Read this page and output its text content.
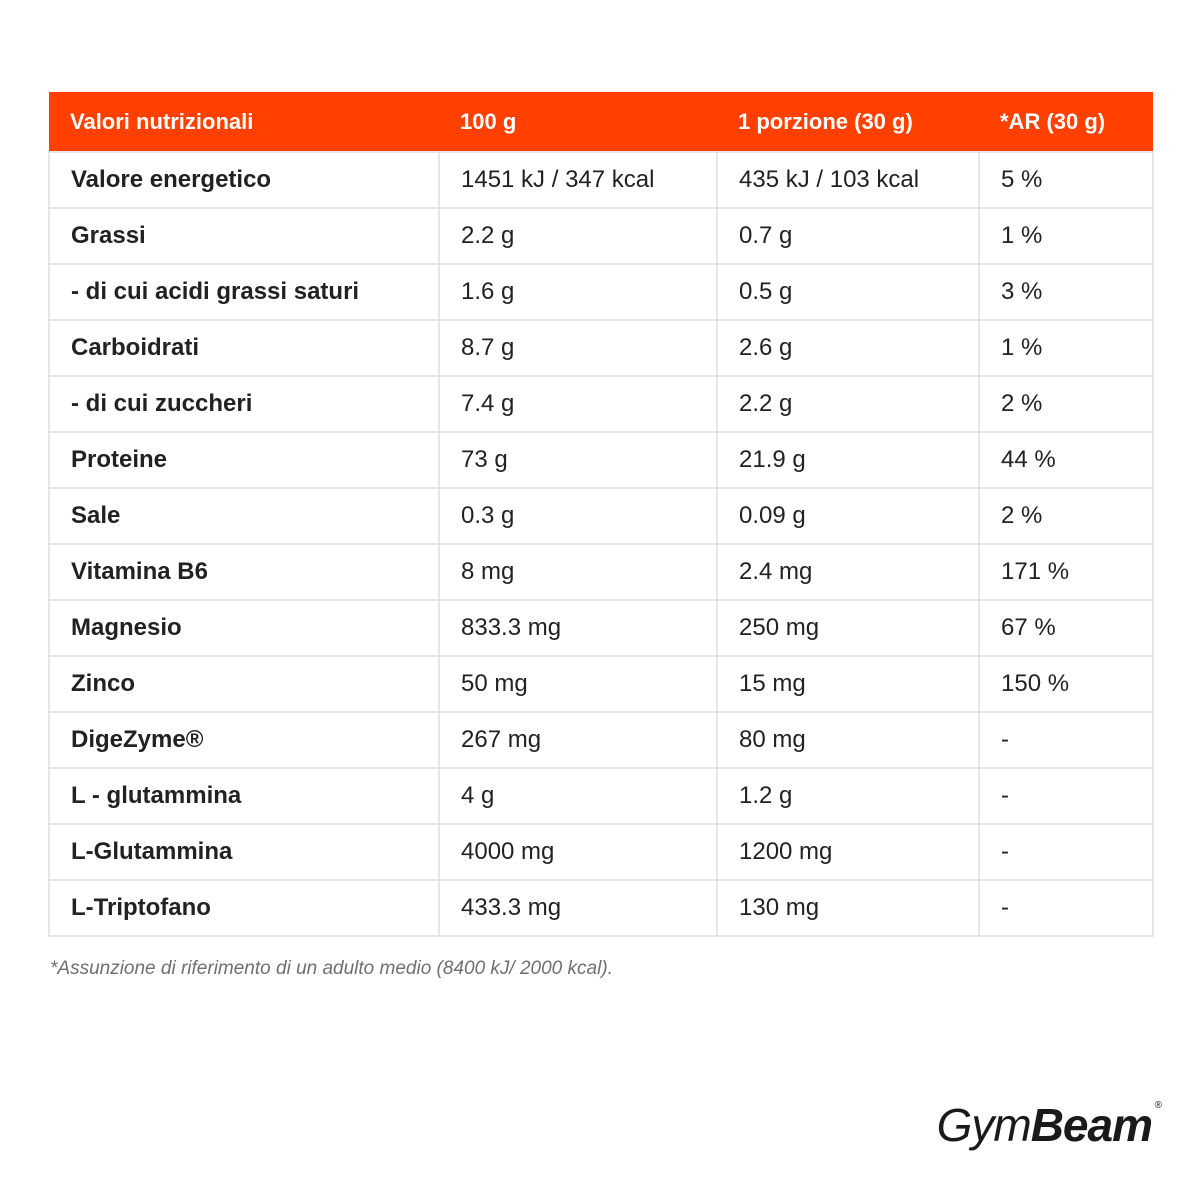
Valori nutrizionali	100 g	1 porzione (30 g)	*AR (30 g)
Valore energetico	1451 kJ / 347 kcal	435 kJ / 103 kcal	5 %
Grassi	2.2 g	0.7 g	1 %
- di cui acidi grassi saturi	1.6 g	0.5 g	3 %
Carboidrati	8.7 g	2.6 g	1 %
- di cui zuccheri	7.4 g	2.2 g	2 %
Proteine	73 g	21.9 g	44 %
Sale	0.3 g	0.09 g	2 %
Vitamina B6	8 mg	2.4 mg	171 %
Magnesio	833.3 mg	250 mg	67 %
Zinco	50 mg	15 mg	150 %
DigeZyme®	267 mg	80 mg	-
L - glutammina	4 g	1.2 g	-
L-Glutammina	4000 mg	1200 mg	-
L-Triptofano	433.3 mg	130 mg	-
*Assunzione di riferimento di un adulto medio (8400 kJ/ 2000 kcal).
GymBeam ®
